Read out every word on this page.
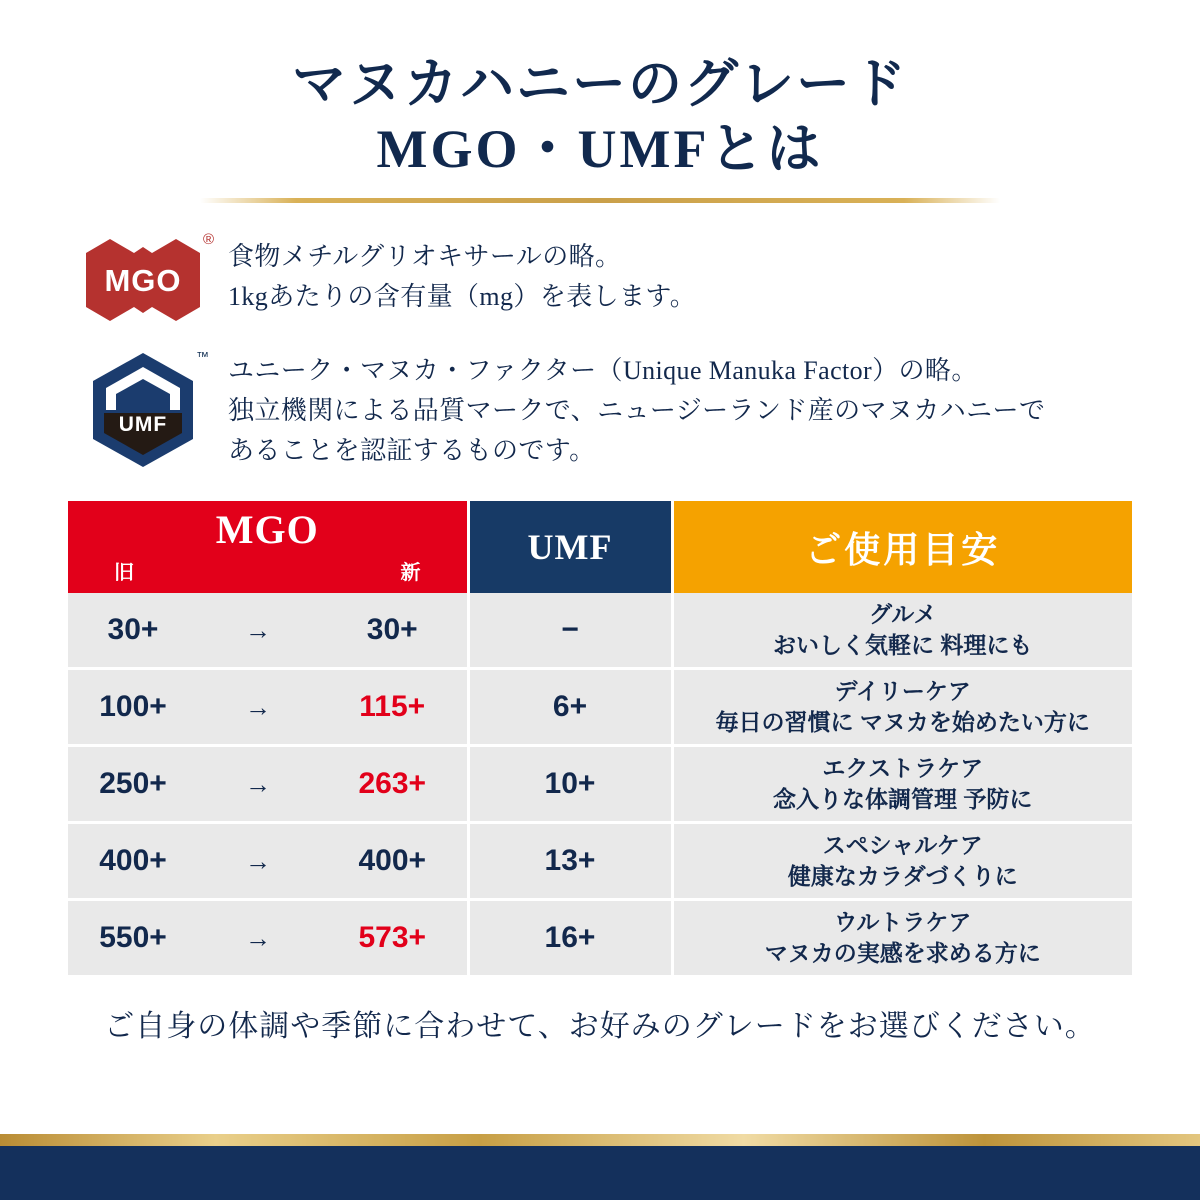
マヌカハニーのグレード
MGO・UMFとは
MGO
®
食物メチルグリオキサールの略。
1kgあたりの含有量（mg）を表します。
UMF
™ ユニーク・マヌカ・ファクター（Unique Manuka Factor）の略。
独立機関による品質マークで、ニュージーランド産のマヌカハニーで
あることを認証するものです。
MGO
旧 新			UMF	ご使用目安
30+	→	30+	−	グルメ
おいしく気軽に 料理にも

100+	→	115+	6+	デイリーケア
毎日の習慣に マヌカを始めたい方に

250+	→	263+	10+	エクストラケア
念入りな体調管理 予防に

400+	→	400+	13+	スペシャルケア
健康なカラダづくりに

550+	→	573+	16+	ウルトラケア
マヌカの実感を求める方に
ご自身の体調や季節に合わせて、お好みのグレードをお選びください。
